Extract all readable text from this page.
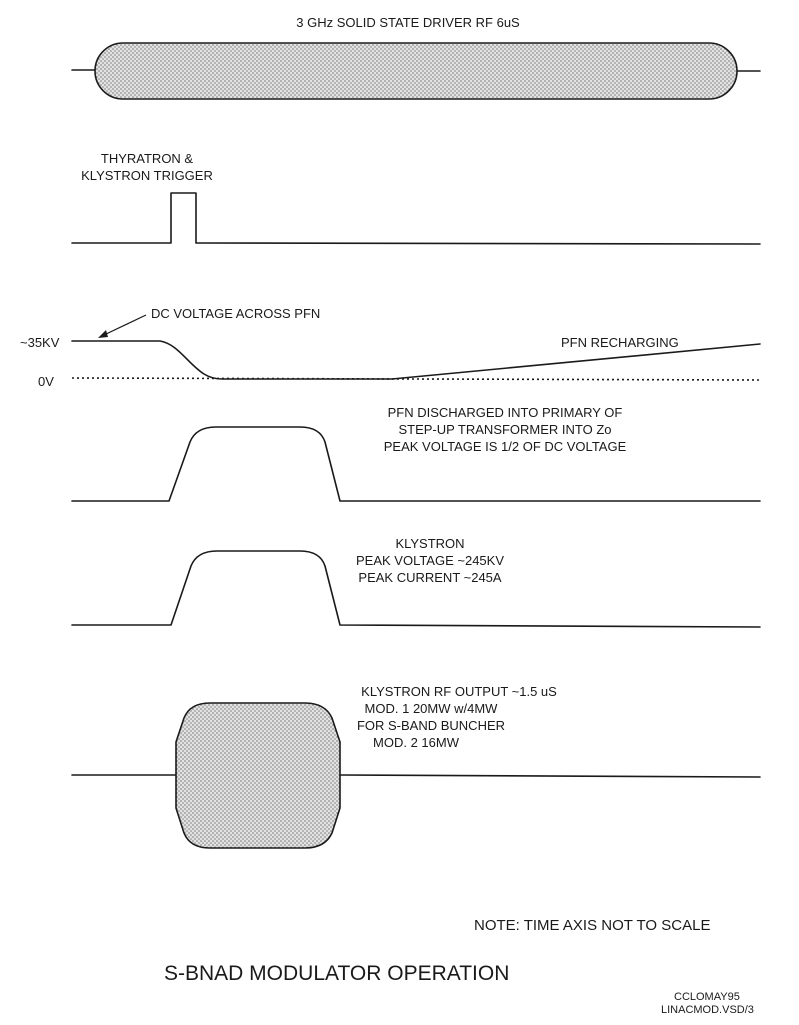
3 GHz SOLID STATE DRIVER RF 6uS
THYRATRON &
KLYSTRON TRIGGER
DC VOLTAGE ACROSS PFN
~35KV
0V
PFN RECHARGING
PFN DISCHARGED INTO PRIMARY OF
STEP-UP TRANSFORMER INTO Zo
PEAK VOLTAGE IS 1/2 OF DC VOLTAGE
KLYSTRON
PEAK VOLTAGE ~245KV
PEAK CURRENT ~245A
KLYSTRON RF OUTPUT ~1.5 uS
MOD. 1 20MW w/4MW
FOR S-BAND BUNCHER
MOD. 2 16MW
NOTE: TIME AXIS NOT TO SCALE
S-BNAD MODULATOR OPERATION
CCLOMAY95
LINACMOD.VSD/3
